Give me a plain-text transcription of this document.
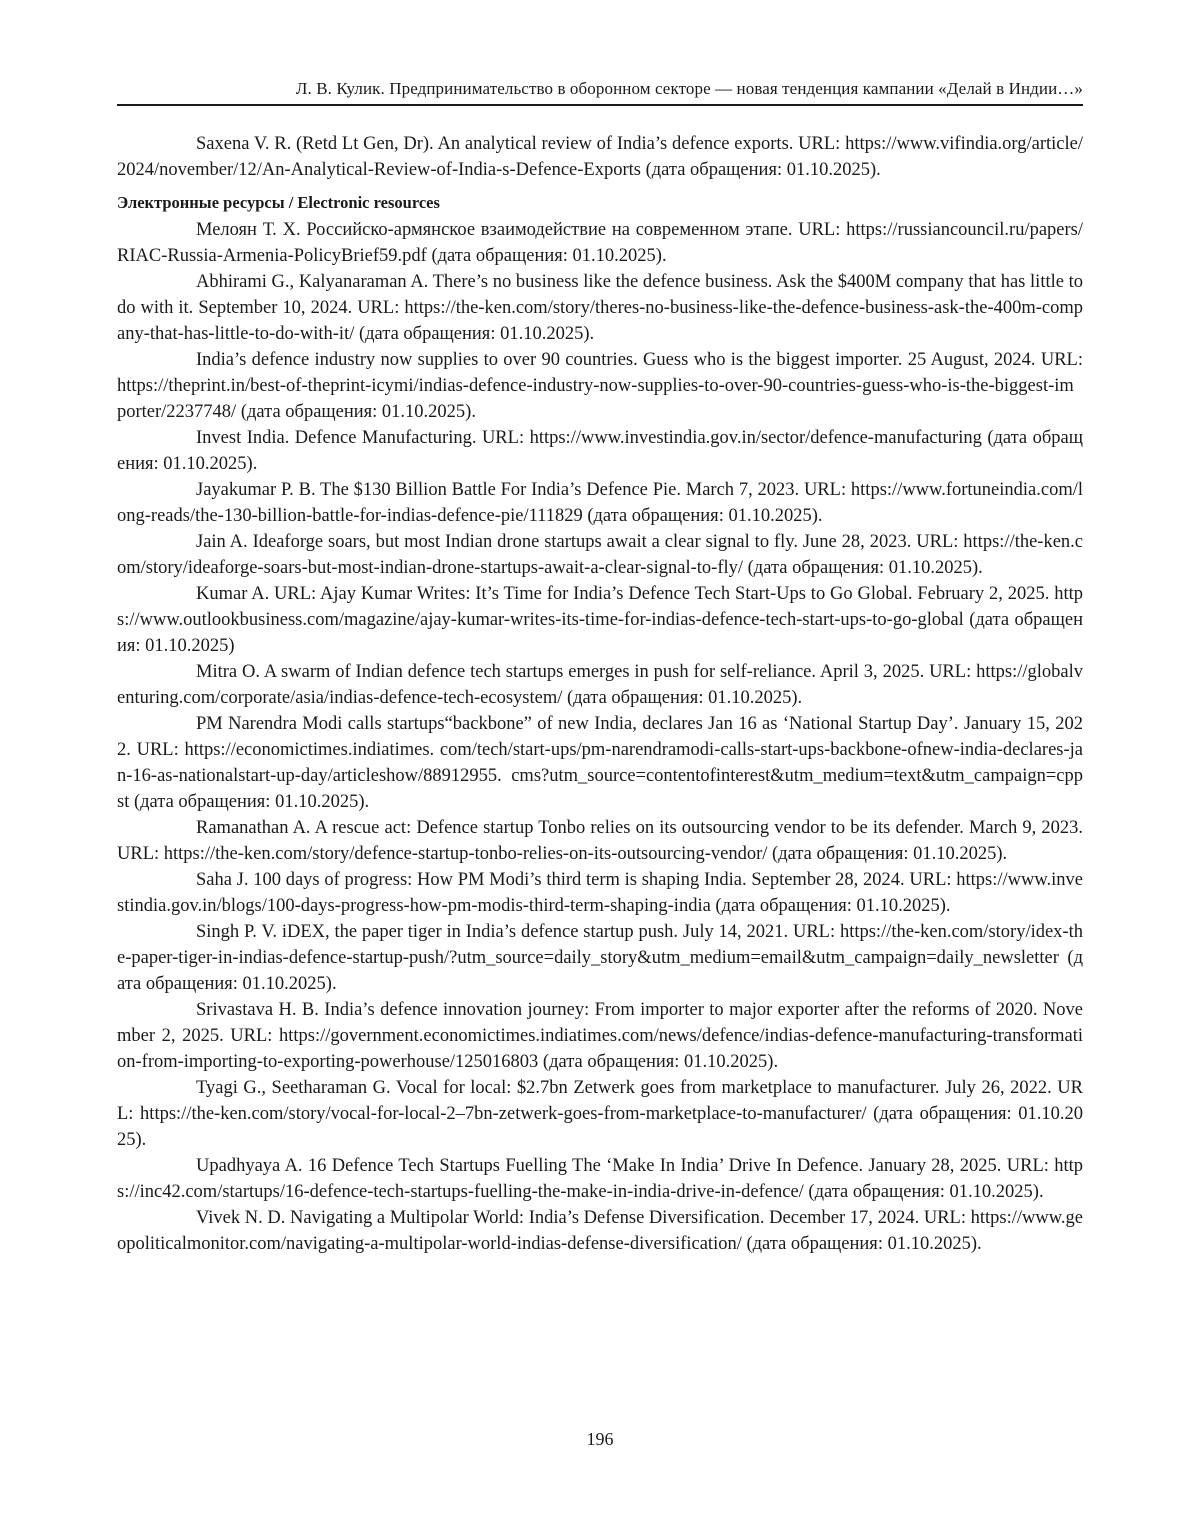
Л. В. Кулик. Предпринимательство в оборонном секторе — новая тенденция кампании «Делай в Индии…»

Saxena V. R. (Retd Lt Gen, Dr). An analytical review of India’s defence exports. URL: https://www.vifindia.org/article/2024/november/12/An-Analytical-Review-of-India-s-Defence-Exports (дата обращения: 01.10.2025).

Электронные ресурсы / Electronic resources

Мелоян Т. Х. Российско-армянское взаимодействие на современном этапе. URL: https://russiancouncil.ru/papers/RIAC-Russia-Armenia-PolicyBrief59.pdf (дата обращения: 01.10.2025).

Abhirami G., Kalyanaraman A. There’s no business like the defence business. Ask the $400M company that has little to do with it. September 10, 2024. URL: https://the-ken.com/story/theres-no-business-like-the-defence-business-ask-the-400m-company-that-has-little-to-do-with-it/ (дата обращения: 01.10.2025).

India’s defence industry now supplies to over 90 countries. Guess who is the biggest importer. 25 August, 2024. URL: https://theprint.in/best-of-theprint-icymi/indias-defence-industry-now-supplies-to-over-90-countries-guess-who-is-the-biggest-importer/2237748/ (дата обращения: 01.10.2025).

Invest India. Defence Manufacturing. URL: https://www.investindia.gov.in/sector/defence-manufacturing (дата обращения: 01.10.2025).

Jayakumar P. B. The $130 Billion Battle For India’s Defence Pie. March 7, 2023. URL: https://www.fortuneindia.com/long-reads/the-130-billion-battle-for-indias-defence-pie/111829 (дата обращения: 01.10.2025).

Jain A. Ideaforge soars, but most Indian drone startups await a clear signal to fly. June 28, 2023. URL: https://the-ken.com/story/ideaforge-soars-but-most-indian-drone-startups-await-a-clear-signal-to-fly/ (дата обращения: 01.10.2025).

Kumar A. URL: Ajay Kumar Writes: It’s Time for India’s Defence Tech Start-Ups to Go Global. February 2, 2025. https://www.outlookbusiness.com/magazine/ajay-kumar-writes-its-time-for-indias-defence-tech-start-ups-to-go-global (дата обращения: 01.10.2025)

Mitra O. A swarm of Indian defence tech startups emerges in push for self-reliance. April 3, 2025. URL: https://globalventuring.com/corporate/asia/indias-defence-tech-ecosystem/ (дата обращения: 01.10.2025).

PM Narendra Modi calls startups“backbone” of new India, declares Jan 16 as ‘National Startup Day’. January 15, 2022. URL: https://economictimes.indiatimes. com/tech/start-ups/pm-narendramodi-calls-start-ups-backbone-ofnew-india-declares-jan-16-as-nationalstart-up-day/articleshow/88912955. cms?utm_source=contentofinterest&utm_medium=text&utm_campaign=cppst (дата обращения: 01.10.2025).

Ramanathan A. A rescue act: Defence startup Tonbo relies on its outsourcing vendor to be its defender. March 9, 2023. URL: https://the-ken.com/story/defence-startup-tonbo-relies-on-its-outsourcing-vendor/ (дата обращения: 01.10.2025).

Saha J. 100 days of progress: How PM Modi’s third term is shaping India. September 28, 2024. URL: https://www.investindia.gov.in/blogs/100-days-progress-how-pm-modis-third-term-shaping-india (дата обращения: 01.10.2025).

Singh P. V. iDEX, the paper tiger in India’s defence startup push. July 14, 2021. URL: https://the-ken.com/story/idex-the-paper-tiger-in-indias-defence-startup-push/?utm_source=daily_story&utm_medium=email&utm_campaign=daily_newsletter (дата обращения: 01.10.2025).

Srivastava H. B. India’s defence innovation journey: From importer to major exporter after the reforms of 2020. November 2, 2025. URL: https://government.economictimes.indiatimes.com/news/defence/indias-defence-manufacturing-transformation-from-importing-to-exporting-powerhouse/125016803 (дата обращения: 01.10.2025).

Tyagi G., Seetharaman G. Vocal for local: $2.7bn Zetwerk goes from marketplace to manufacturer. July 26, 2022. URL: https://the-ken.com/story/vocal-for-local-2–7bn-zetwerk-goes-from-marketplace-to-manufacturer/ (дата обращения: 01.10.2025).

Upadhyaya A. 16 Defence Tech Startups Fuelling The ‘Make In India’ Drive In Defence. January 28, 2025. URL: https://inc42.com/startups/16-defence-tech-startups-fuelling-the-make-in-india-drive-in-defence/ (дата обращения: 01.10.2025).

Vivek N. D. Navigating a Multipolar World: India’s Defense Diversification. December 17, 2024. URL: https://www.geopoliticalmonitor.com/navigating-a-multipolar-world-indias-defense-diversification/ (дата обращения: 01.10.2025).

196
